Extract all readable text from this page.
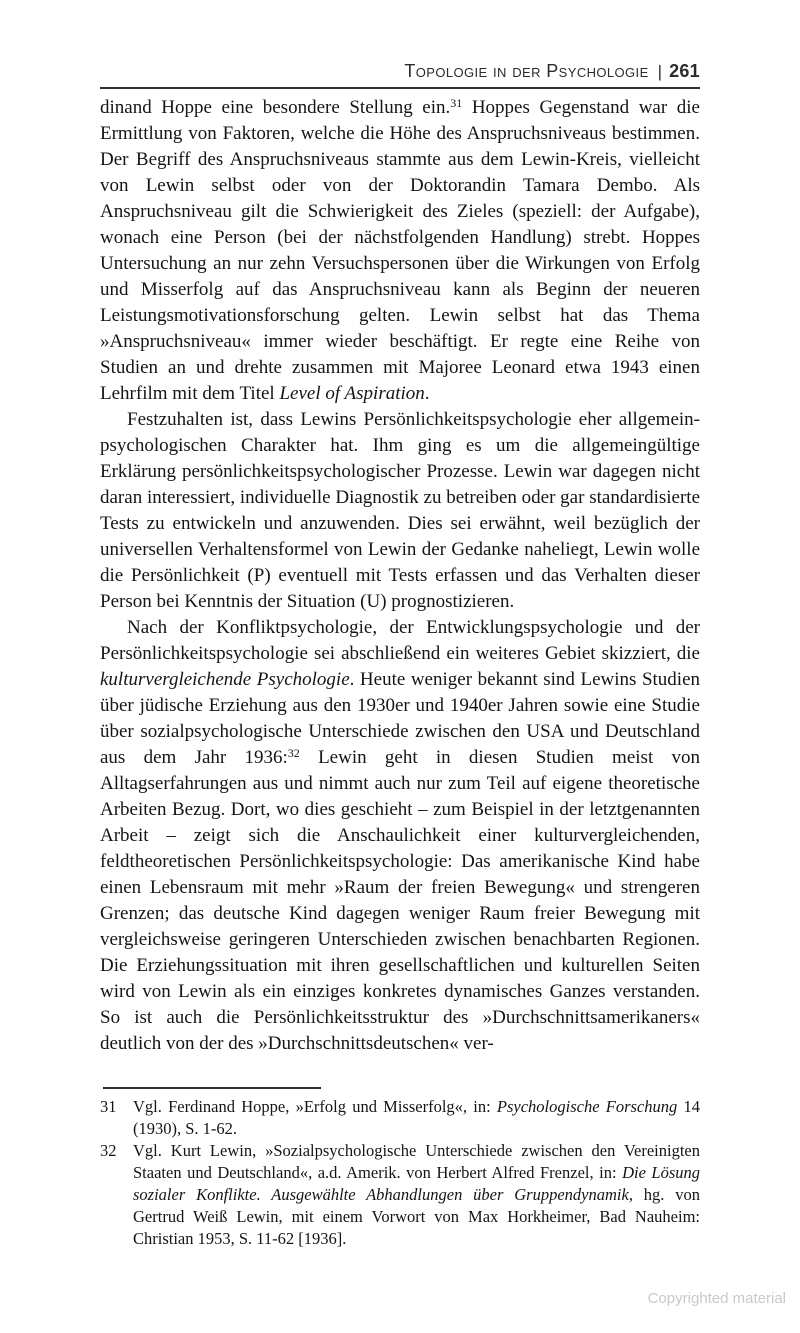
Topologie in der Psychologie | 261

dinand Hoppe eine besondere Stellung ein.$^{31}$ Hoppes Gegenstand war die Ermittlung von Faktoren, welche die Höhe des Anspruchsniveaus bestimmen. Der Begriff des Anspruchsniveaus stammte aus dem Lewin-Kreis, vielleicht von Lewin selbst oder von der Doktorandin Tamara Dembo. Als Anspruchsniveau gilt die Schwierigkeit des Zieles (speziell: der Aufgabe), wonach eine Person (bei der nächstfolgenden Handlung) strebt. Hoppes Untersuchung an nur zehn Versuchspersonen über die Wirkungen von Erfolg und Misserfolg auf das Anspruchsniveau kann als Beginn der neueren Leistungsmotivationsforschung gelten. Lewin selbst hat das Thema »Anspruchsniveau« immer wieder beschäftigt. Er regte eine Reihe von Studien an und drehte zusammen mit Majoree Leonard etwa 1943 einen Lehrfilm mit dem Titel Level of Aspiration.

Festzuhalten ist, dass Lewins Persönlichkeitspsychologie eher allgemein-psychologischen Charakter hat. Ihm ging es um die allgemeingültige Erklärung persönlichkeitspsychologischer Prozesse. Lewin war dagegen nicht daran interessiert, individuelle Diagnostik zu betreiben oder gar standardisierte Tests zu entwickeln und anzuwenden. Dies sei erwähnt, weil bezüglich der universellen Verhaltensformel von Lewin der Gedanke naheliegt, Lewin wolle die Persönlichkeit (P) eventuell mit Tests erfassen und das Verhalten dieser Person bei Kenntnis der Situation (U) prognostizieren.

Nach der Konfliktpsychologie, der Entwicklungspsychologie und der Persönlichkeitspsychologie sei abschließend ein weiteres Gebiet skizziert, die kulturvergleichende Psychologie. Heute weniger bekannt sind Lewins Studien über jüdische Erziehung aus den 1930er und 1940er Jahren sowie eine Studie über sozialpsychologische Unterschiede zwischen den USA und Deutschland aus dem Jahr 1936:$^{32}$ Lewin geht in diesen Studien meist von Alltagserfahrungen aus und nimmt auch nur zum Teil auf eigene theoretische Arbeiten Bezug. Dort, wo dies geschieht – zum Beispiel in der letztgenannten Arbeit – zeigt sich die Anschaulichkeit einer kulturvergleichenden, feldtheoretischen Persönlichkeitspsychologie: Das amerikanische Kind habe einen Lebensraum mit mehr »Raum der freien Bewegung« und strengeren Grenzen; das deutsche Kind dagegen weniger Raum freier Bewegung mit vergleichsweise geringeren Unterschieden zwischen benachbarten Regionen. Die Erziehungssituation mit ihren gesellschaftlichen und kulturellen Seiten wird von Lewin als ein einziges konkretes dynamisches Ganzes verstanden. So ist auch die Persönlichkeitsstruktur des »Durchschnittsamerikaners« deutlich von der des »Durchschnittsdeutschen« ver-

31 Vgl. Ferdinand Hoppe, »Erfolg und Misserfolg«, in: Psychologische Forschung 14 (1930), S. 1-62.
32 Vgl. Kurt Lewin, »Sozialpsychologische Unterschiede zwischen den Vereinigten Staaten und Deutschland«, a.d. Amerik. von Herbert Alfred Frenzel, in: Die Lösung sozialer Konflikte. Ausgewählte Abhandlungen über Gruppendynamik, hg. von Gertrud Weiß Lewin, mit einem Vorwort von Max Horkheimer, Bad Nauheim: Christian 1953, S. 11-62 [1936].
Copyrighted material
